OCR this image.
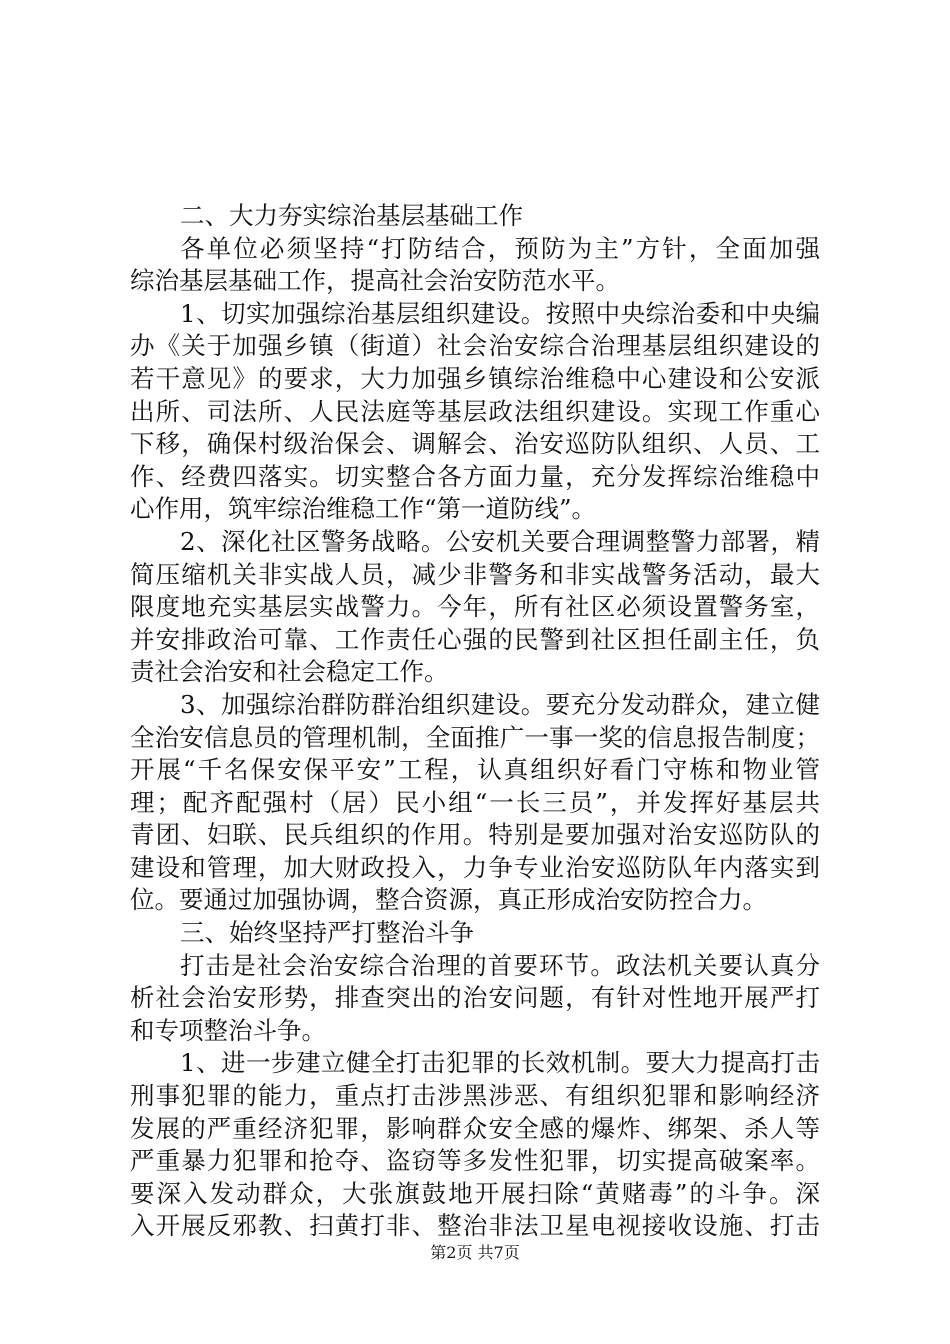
二、大力夯实综治基层基础工作
各单位必须坚持“打防结合，预防为主”方针，全面加强
综治基层基础工作，提高社会治安防范水平。
1、切实加强综治基层组织建设。按照中央综治委和中央编
办《关于加强乡镇（街道）社会治安综合治理基层组织建设的
若干意见》的要求，大力加强乡镇综治维稳中心建设和公安派
出所、司法所、人民法庭等基层政法组织建设。实现工作重心
下移，确保村级治保会、调解会、治安巡防队组织、人员、工
作、经费四落实。切实整合各方面力量，充分发挥综治维稳中
心作用，筑牢综治维稳工作“第一道防线”。
2、深化社区警务战略。公安机关要合理调整警力部署，精
简压缩机关非实战人员，减少非警务和非实战警务活动，最大
限度地充实基层实战警力。今年，所有社区必须设置警务室，
并安排政治可靠、工作责任心强的民警到社区担任副主任，负
责社会治安和社会稳定工作。
3、加强综治群防群治组织建设。要充分发动群众，建立健
全治安信息员的管理机制，全面推广一事一奖的信息报告制度；
开展“千名保安保平安”工程，认真组织好看门守栋和物业管
理；配齐配强村（居）民小组“一长三员”，并发挥好基层共
青团、妇联、民兵组织的作用。特别是要加强对治安巡防队的
建设和管理，加大财政投入，力争专业治安巡防队年内落实到
位。要通过加强协调，整合资源，真正形成治安防控合力。
三、始终坚持严打整治斗争
打击是社会治安综合治理的首要环节。政法机关要认真分
析社会治安形势，排查突出的治安问题，有针对性地开展严打
和专项整治斗争。
1、进一步建立健全打击犯罪的长效机制。要大力提高打击
刑事犯罪的能力，重点打击涉黑涉恶、有组织犯罪和影响经济
发展的严重经济犯罪，影响群众安全感的爆炸、绑架、杀人等
严重暴力犯罪和抢夺、盗窃等多发性犯罪，切实提高破案率。
要深入发动群众，大张旗鼓地开展扫除“黄赌毒”的斗争。深
入开展反邪教、扫黄打非、整治非法卫星电视接收设施、打击
第2页 共7页
